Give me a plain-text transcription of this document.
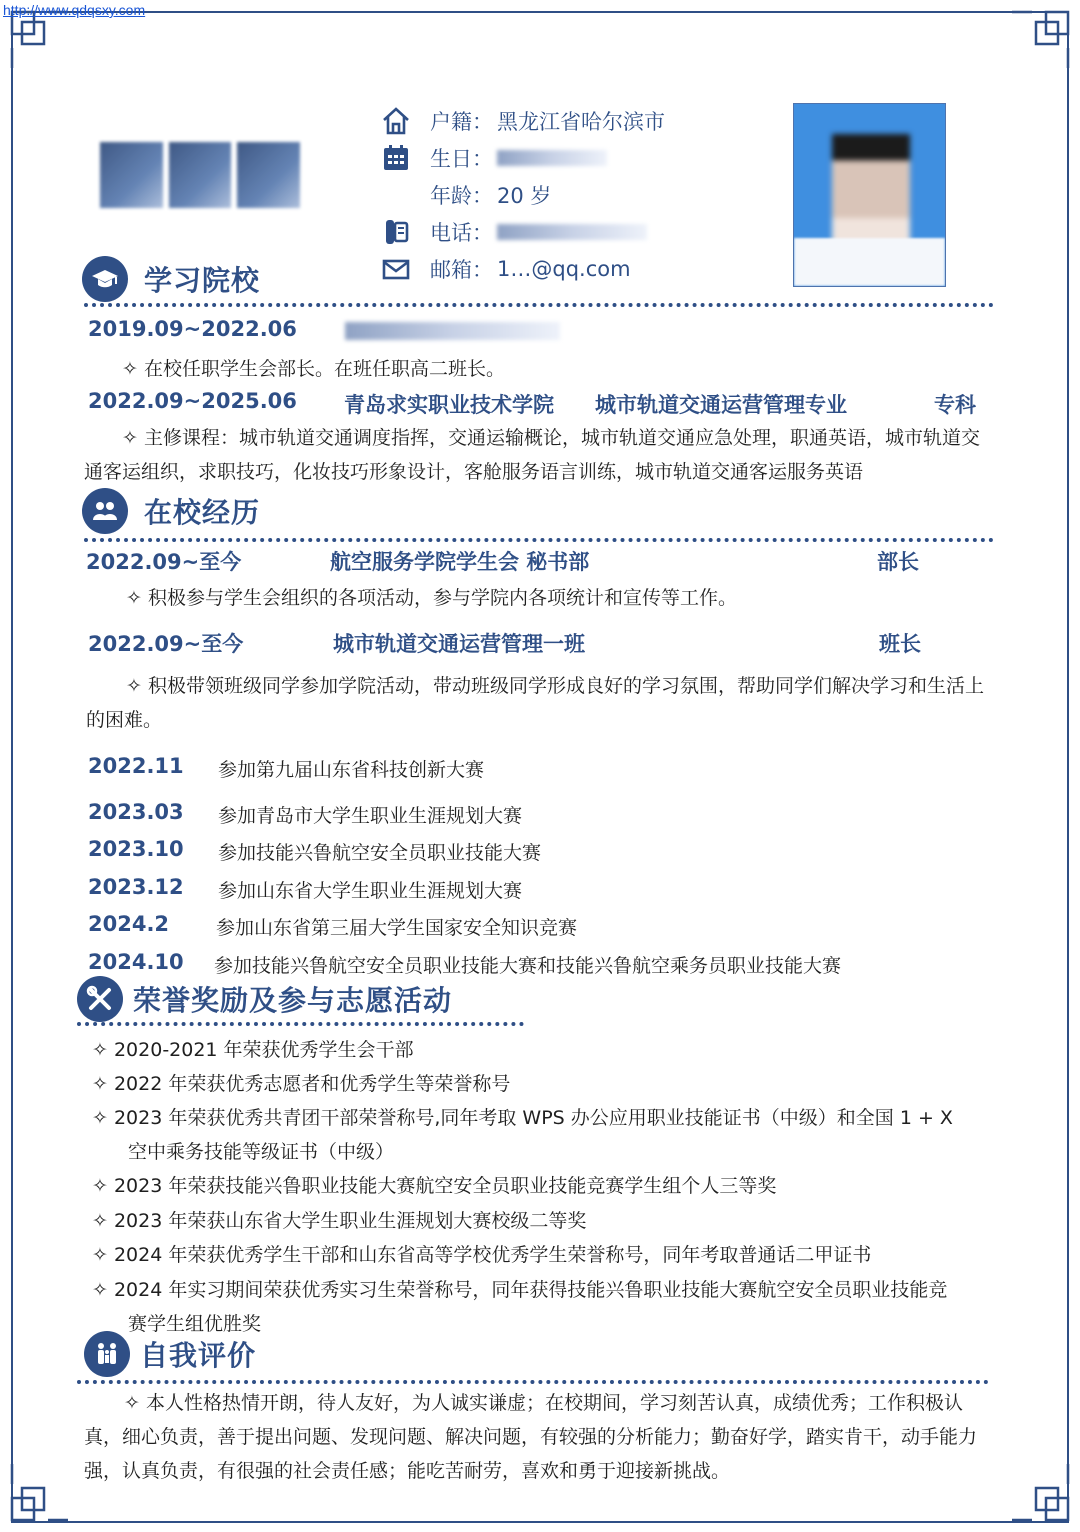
http://www.qdqsxy.com
户籍： 黑龙江省哈尔滨市
生日：
年龄： 20 岁
电话：
邮箱： 1…@qq.com
学习院校
2019.09~2022.06
✧ 在校任职学生会部长。在班任职高二班长。
2022.09~2025.06 青岛求实职业技术学院 城市轨道交通运营管理专业	专科
✧ 主修课程：城市轨道交通调度指挥，交通运输概论，城市轨道交通应急处理，职通英语，城市轨道交通客运组织，求职技巧，化妆技巧形象设计，客舱服务语言训练，城市轨道交通客运服务英语
在校经历
2022.09~至今	航空服务学院学生会 秘书部	部长
✧ 积极参与学生会组织的各项活动，参与学院内各项统计和宣传等工作。
2022.09~至今	城市轨道交通运营管理一班	班长
✧ 积极带领班级同学参加学院活动，带动班级同学形成良好的学习氛围，帮助同学们解决学习和生活上的困难。
2022.11 参加第九届山东省科技创新大赛
2023.03 参加青岛市大学生职业生涯规划大赛
2023.10 参加技能兴鲁航空安全员职业技能大赛
2023.12 参加山东省大学生职业生涯规划大赛
2024.2 参加山东省第三届大学生国家安全知识竞赛
2024.10 参加技能兴鲁航空安全员职业技能大赛和技能兴鲁航空乘务员职业技能大赛
荣誉奖励及参与志愿活动
✧ 2020-2021 年荣获优秀学生会干部
✧ 2022 年荣获优秀志愿者和优秀学生等荣誉称号
✧ 2023 年荣获优秀共青团干部荣誉称号,同年考取 WPS 办公应用职业技能证书（中级）和全国 1 + X
空中乘务技能等级证书（中级）
✧ 2023 年荣获技能兴鲁职业技能大赛航空安全员职业技能竞赛学生组个人三等奖
✧ 2023 年荣获山东省大学生职业生涯规划大赛校级二等奖
✧ 2024 年荣获优秀学生干部和山东省高等学校优秀学生荣誉称号，同年考取普通话二甲证书
✧ 2024 年实习期间荣获优秀实习生荣誉称号，同年获得技能兴鲁职业技能大赛航空安全员职业技能竞
赛学生组优胜奖
自我评价
✧ 本人性格热情开朗，待人友好，为人诚实谦虚；在校期间，学习刻苦认真，成绩优秀；工作积极认真，细心负责，善于提出问题、发现问题、解决问题，有较强的分析能力；勤奋好学，踏实肯干，动手能力强，认真负责，有很强的社会责任感；能吃苦耐劳，喜欢和勇于迎接新挑战。
